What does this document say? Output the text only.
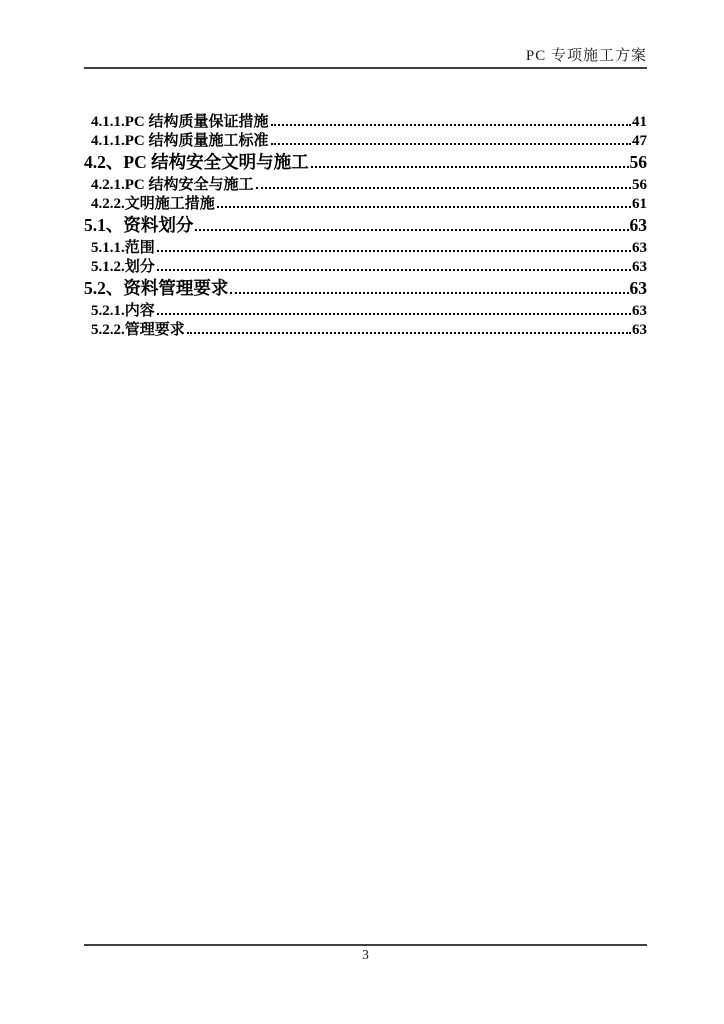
PC 专项施工方案
4.1.1.PC 结构质量保证措施	41
4.1.1.PC 结构质量施工标准	47
4.2、PC 结构安全文明与施工	56
4.2.1.PC 结构安全与施工	56
4.2.2.文明施工措施	61
5.1、资料划分	63
5.1.1.范围	63
5.1.2.划分	63
5.2、资料管理要求	63
5.2.1.内容	63
5.2.2.管理要求	63
3
